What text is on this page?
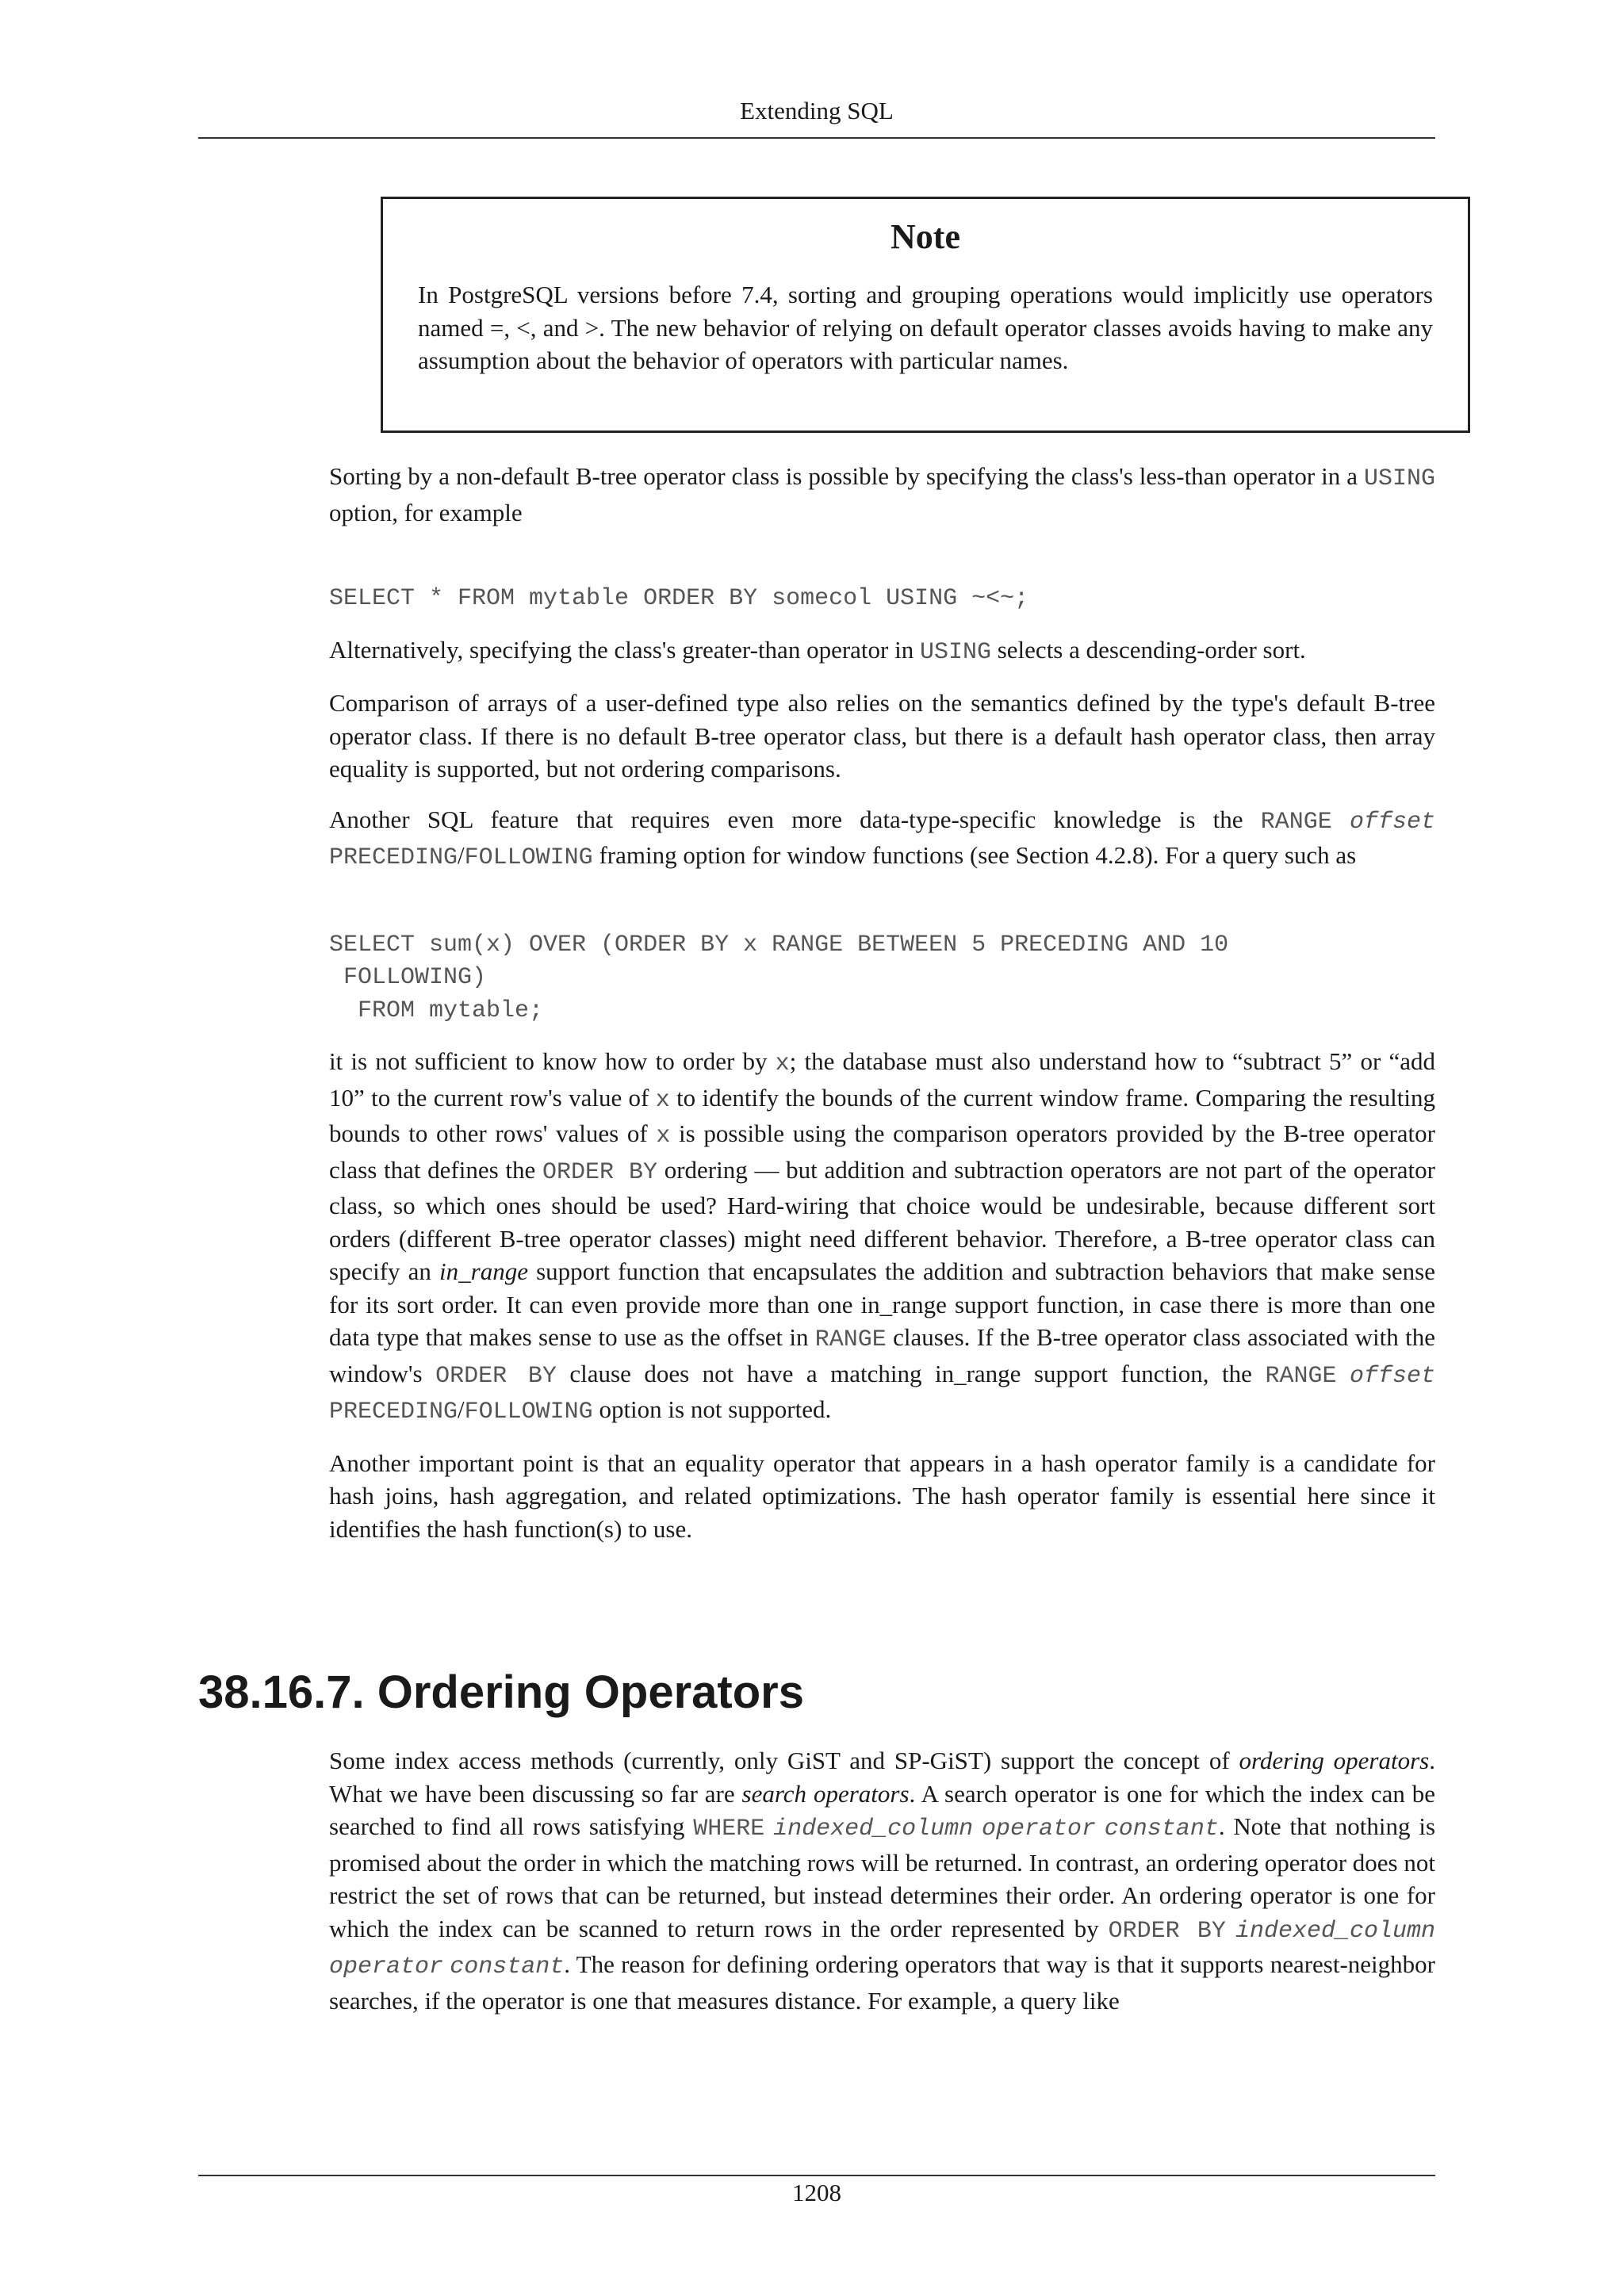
Extending SQL
Note

In PostgreSQL versions before 7.4, sorting and grouping operations would implicitly use operators named =, <, and >. The new behavior of relying on default operator classes avoids having to make any assumption about the behavior of operators with particular names.

Sorting by a non-default B-tree operator class is possible by specifying the class's less-than operator in a USING option, for example

SELECT * FROM mytable ORDER BY somecol USING ~<~;

Alternatively, specifying the class's greater-than operator in USING selects a descending-order sort.

Comparison of arrays of a user-defined type also relies on the semantics defined by the type's default B-tree operator class. If there is no default B-tree operator class, but there is a default hash operator class, then array equality is supported, but not ordering comparisons.

Another SQL feature that requires even more data-type-specific knowledge is the RANGE offset PRECEDING/FOLLOWING framing option for window functions (see Section 4.2.8). For a query such as

SELECT sum(x) OVER (ORDER BY x RANGE BETWEEN 5 PRECEDING AND 10
FOLLOWING)
FROM mytable;

it is not sufficient to know how to order by x; the database must also understand how to “subtract 5” or “add 10” to the current row's value of x to identify the bounds of the current window frame. Comparing the resulting bounds to other rows' values of x is possible using the comparison operators provided by the B-tree operator class that defines the ORDER BY ordering — but addition and subtraction operators are not part of the operator class, so which ones should be used? Hard-wiring that choice would be undesirable, because different sort orders (different B-tree operator classes) might need different behavior. Therefore, a B-tree operator class can specify an in_range support function that encapsulates the addition and subtraction behaviors that make sense for its sort order. It can even provide more than one in_range support function, in case there is more than one data type that makes sense to use as the offset in RANGE clauses. If the B-tree operator class associated with the window's ORDER BY clause does not have a matching in_range support function, the RANGE offset PRECEDING/FOLLOWING option is not supported.

Another important point is that an equality operator that appears in a hash operator family is a candidate for hash joins, hash aggregation, and related optimizations. The hash operator family is essential here since it identifies the hash function(s) to use.

38.16.7. Ordering Operators

Some index access methods (currently, only GiST and SP-GiST) support the concept of ordering operators. What we have been discussing so far are search operators. A search operator is one for which the index can be searched to find all rows satisfying WHERE indexed_column operator constant. Note that nothing is promised about the order in which the matching rows will be returned. In contrast, an ordering operator does not restrict the set of rows that can be returned, but instead determines their order. An ordering operator is one for which the index can be scanned to return rows in the order represented by ORDER BY indexed_column operator constant. The reason for defining ordering operators that way is that it supports nearest-neighbor searches, if the operator is one that measures distance. For example, a query like

1208
